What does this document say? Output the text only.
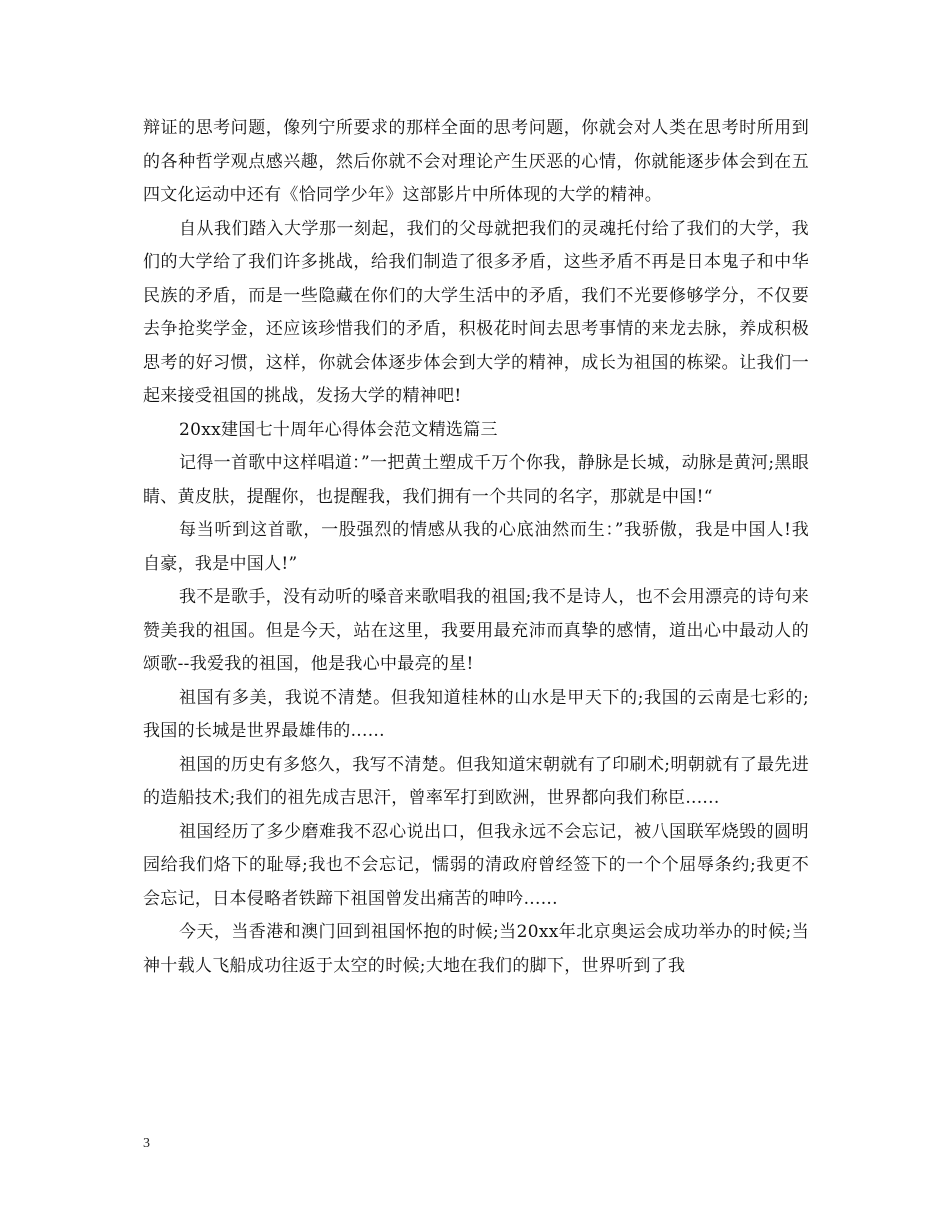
辩证的思考问题，像列宁所要求的那样全面的思考问题，你就会对人类在思考时所用到的各种哲学观点感兴趣，然后你就不会对理论产生厌恶的心情，你就能逐步体会到在五四文化运动中还有《恰同学少年》这部影片中所体现的大学的精神。

自从我们踏入大学那一刻起，我们的父母就把我们的灵魂托付给了我们的大学，我们的大学给了我们许多挑战，给我们制造了很多矛盾，这些矛盾不再是日本鬼子和中华民族的矛盾，而是一些隐藏在你们的大学生活中的矛盾，我们不光要修够学分，不仅要去争抢奖学金，还应该珍惜我们的矛盾，积极花时间去思考事情的来龙去脉，养成积极思考的好习惯，这样，你就会体逐步体会到大学的精神，成长为祖国的栋梁。让我们一起来接受祖国的挑战，发扬大学的精神吧!

20xx建国七十周年心得体会范文精选篇三

记得一首歌中这样唱道：”一把黄土塑成千万个你我，静脉是长城，动脉是黄河;黑眼睛、黄皮肤，提醒你，也提醒我，我们拥有一个共同的名字，那就是中国!“

每当听到这首歌，一股强烈的情感从我的心底油然而生：”我骄傲，我是中国人!我自豪，我是中国人!”

我不是歌手，没有动听的嗓音来歌唱我的祖国;我不是诗人，也不会用漂亮的诗句来赞美我的祖国。但是今天，站在这里，我要用最充沛而真挚的感情，道出心中最动人的颂歌--我爱我的祖国，他是我心中最亮的星!

祖国有多美，我说不清楚。但我知道桂林的山水是甲天下的;我国的云南是七彩的;我国的长城是世界最雄伟的......

祖国的历史有多悠久，我写不清楚。但我知道宋朝就有了印刷术;明朝就有了最先进的造船技术;我们的祖先成吉思汗，曾率军打到欧洲，世界都向我们称臣......

祖国经历了多少磨难我不忍心说出口，但我永远不会忘记，被八国联军烧毁的圆明园给我们烙下的耻辱;我也不会忘记，懦弱的清政府曾经签下的一个个屈辱条约;我更不会忘记，日本侵略者铁蹄下祖国曾发出痛苦的呻吟......

今天，当香港和澳门回到祖国怀抱的时候;当20xx年北京奥运会成功举办的时候;当神十载人飞船成功往返于太空的时候;大地在我们的脚下，世界听到了我

3
